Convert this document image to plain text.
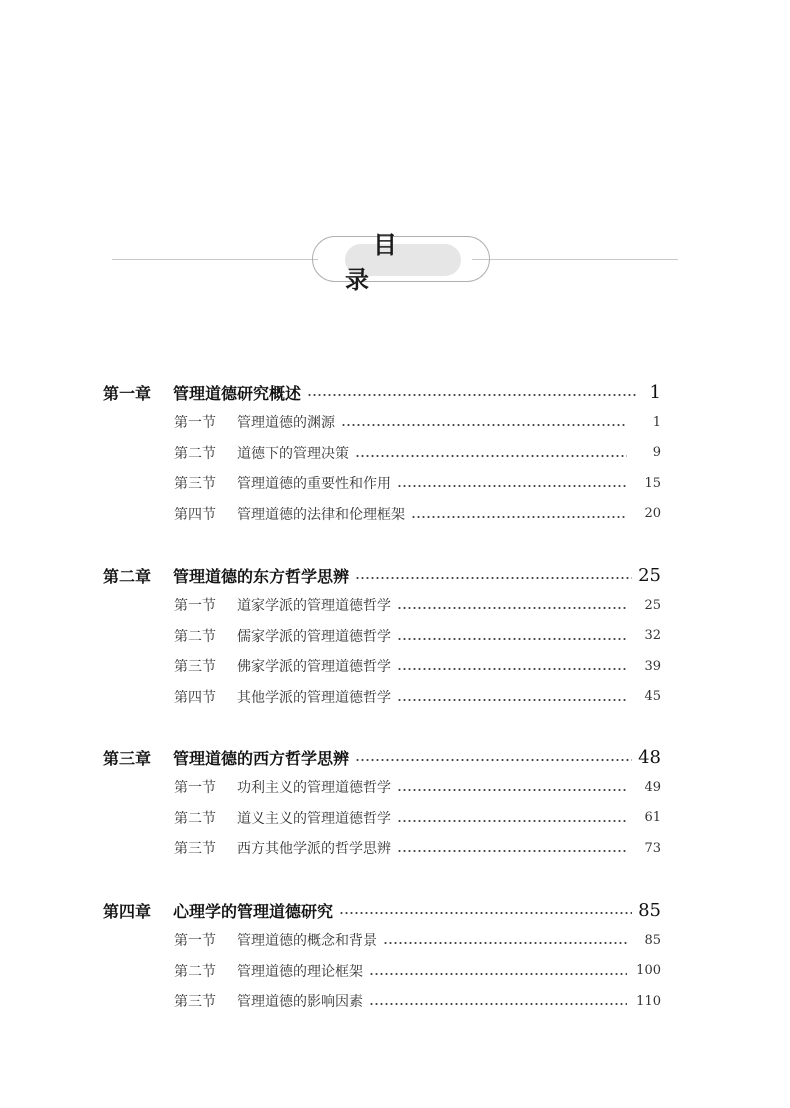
目录
第一章	管理道德研究概述	1
第一节	管理道德的渊源	1
第二节	道德下的管理决策	9
第三节	管理道德的重要性和作用	15
第四节	管理道德的法律和伦理框架	20
第二章	管理道德的东方哲学思辨	25
第一节	道家学派的管理道德哲学	25
第二节	儒家学派的管理道德哲学	32
第三节	佛家学派的管理道德哲学	39
第四节	其他学派的管理道德哲学	45
第三章	管理道德的西方哲学思辨	48
第一节	功利主义的管理道德哲学	49
第二节	道义主义的管理道德哲学	61
第三节	西方其他学派的哲学思辨	73
第四章	心理学的管理道德研究	85
第一节	管理道德的概念和背景	85
第二节	管理道德的理论框架	100
第三节	管理道德的影响因素	110
